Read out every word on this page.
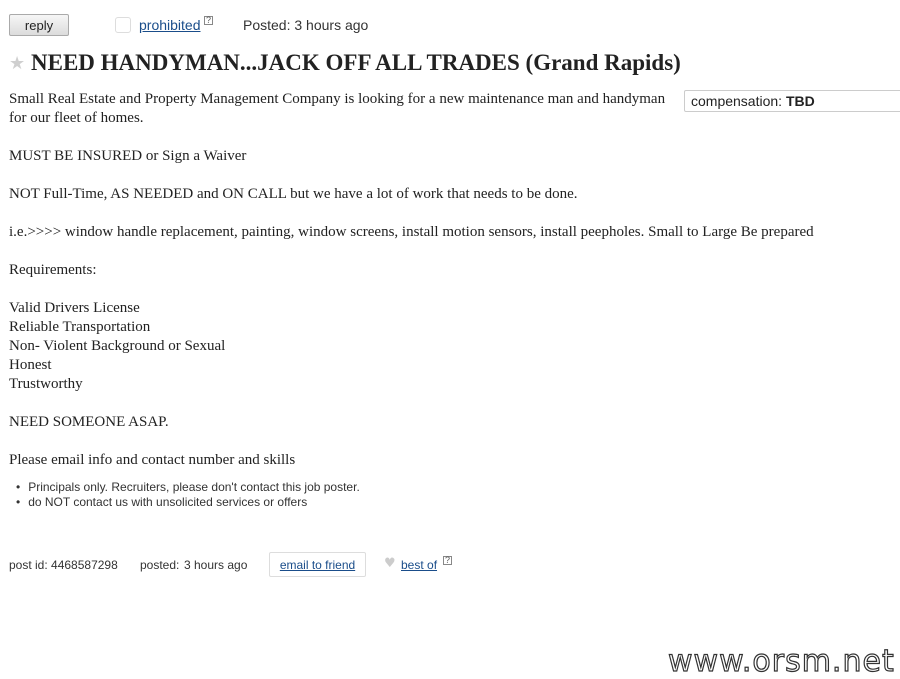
reply	prohibited ? Posted: 3 hours ago
★ NEED HANDYMAN...JACK OFF ALL TRADES (Grand Rapids)
compensation: TBD
Small Real Estate and Property Management Company is looking for a new maintenance man and handyman for our fleet of homes.
MUST BE INSURED or Sign a Waiver
NOT Full-Time, AS NEEDED and ON CALL but we have a lot of work that needs to be done.
i.e.>>>> window handle replacement, painting, window screens, install motion sensors, install peepholes. Small to Large Be prepared
Requirements:
Valid Drivers License
Reliable Transportation
Non- Violent Background or Sexual
Honest
Trustworthy
NEED SOMEONE ASAP.
Please email info and contact number and skills
• Principals only. Recruiters, please don't contact this job poster.
• do NOT contact us with unsolicited services or offers
post id: 4468587298 posted: 3 hours ago	email to friend	♥ best of ?
www.orsm.net
